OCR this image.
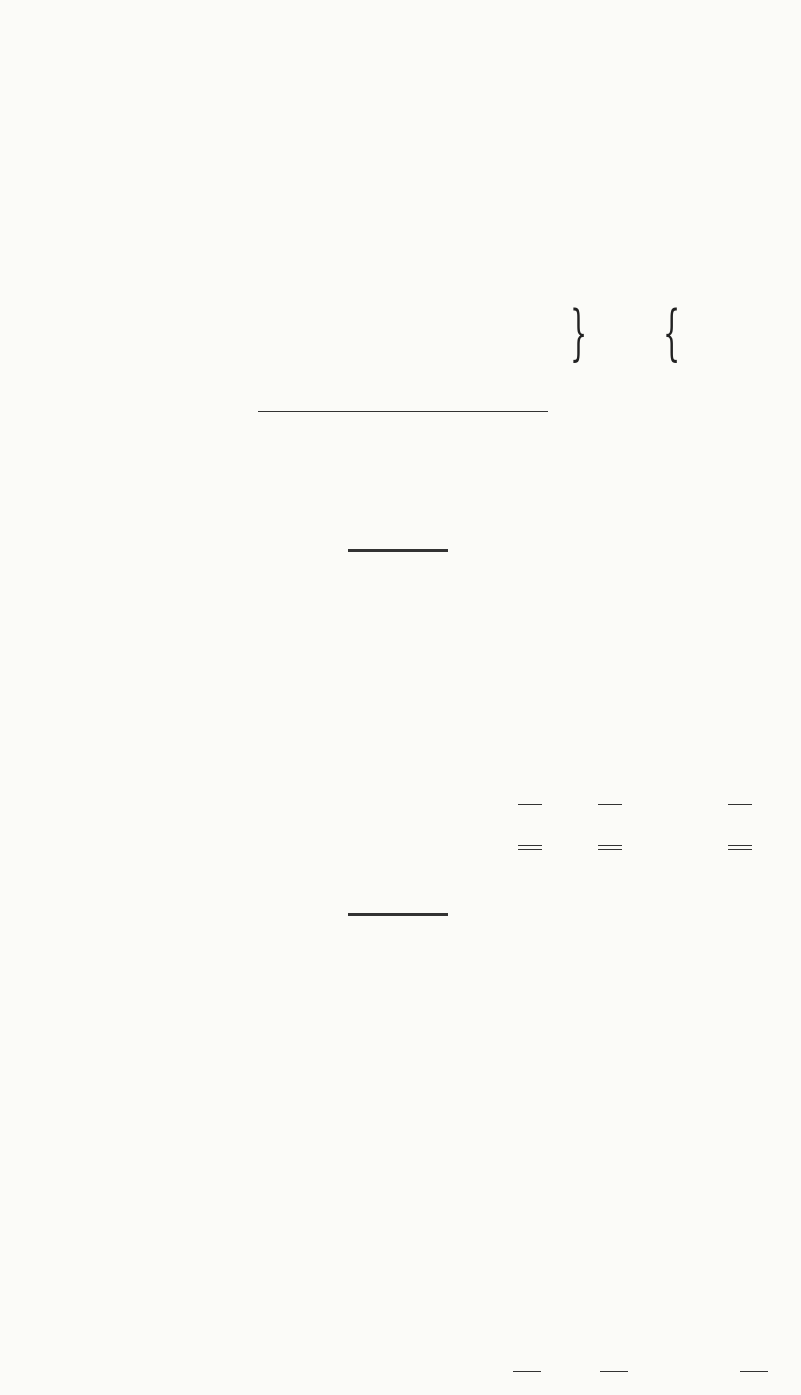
} {
